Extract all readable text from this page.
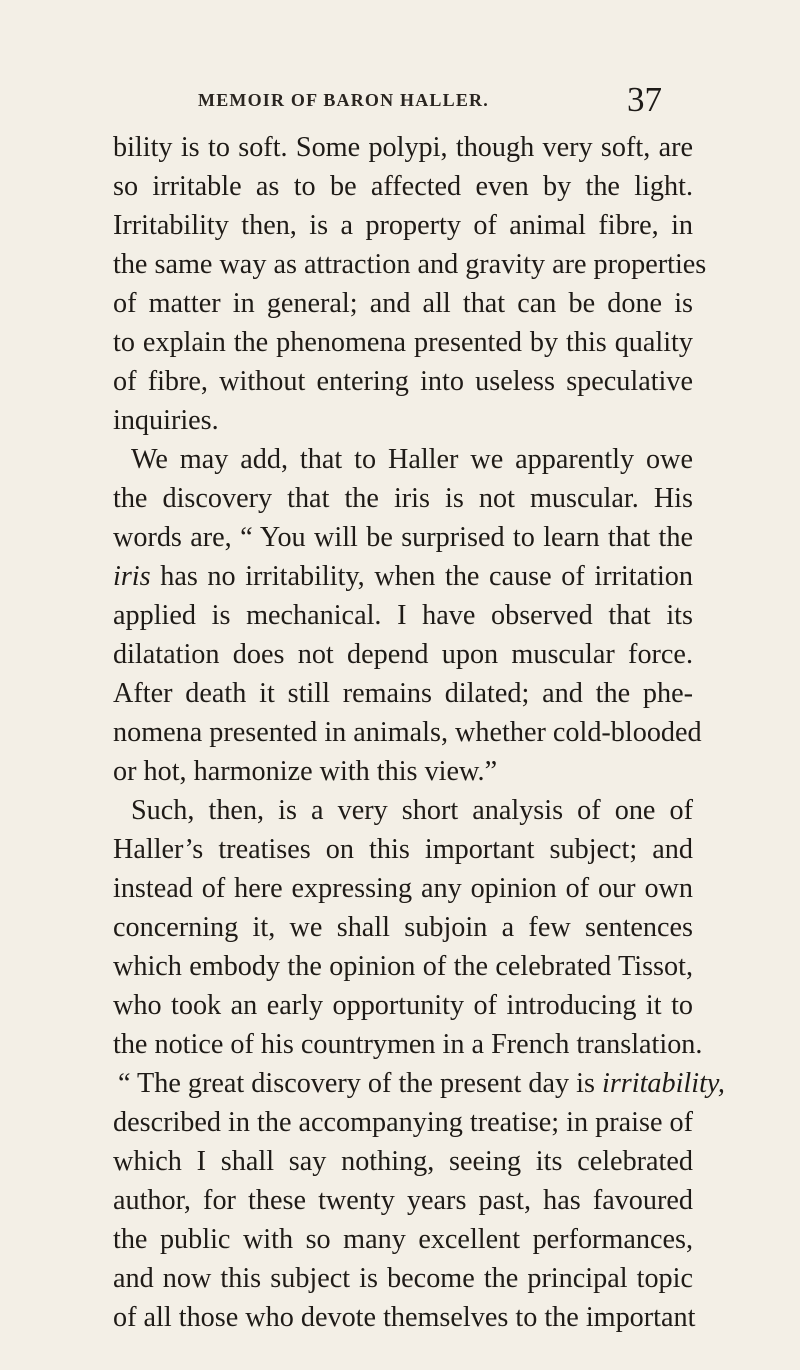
MEMOIR OF BARON HALLER.	37
bility is to soft. Some polypi, though very soft, are
so irritable as to be affected even by the light.
Irritability then, is a property of animal fibre, in
the same way as attraction and gravity are properties
of matter in general; and all that can be done is
to explain the phenomena presented by this quality
of fibre, without entering into useless speculative
inquiries.
We may add, that to Haller we apparently owe
the discovery that the iris is not muscular. His
words are, “ You will be surprised to learn that the
iris has no irritability, when the cause of irritation
applied is mechanical. I have observed that its
dilatation does not depend upon muscular force.
After death it still remains dilated; and the phe-
nomena presented in animals, whether cold-blooded
or hot, harmonize with this view.”
Such, then, is a very short analysis of one of
Haller’s treatises on this important subject; and
instead of here expressing any opinion of our own
concerning it, we shall subjoin a few sentences
which embody the opinion of the celebrated Tissot,
who took an early opportunity of introducing it to
the notice of his countrymen in a French translation.
“ The great discovery of the present day is irritability,
described in the accompanying treatise; in praise of
which I shall say nothing, seeing its celebrated
author, for these twenty years past, has favoured
the public with so many excellent performances,
and now this subject is become the principal topic
of all those who devote themselves to the important
